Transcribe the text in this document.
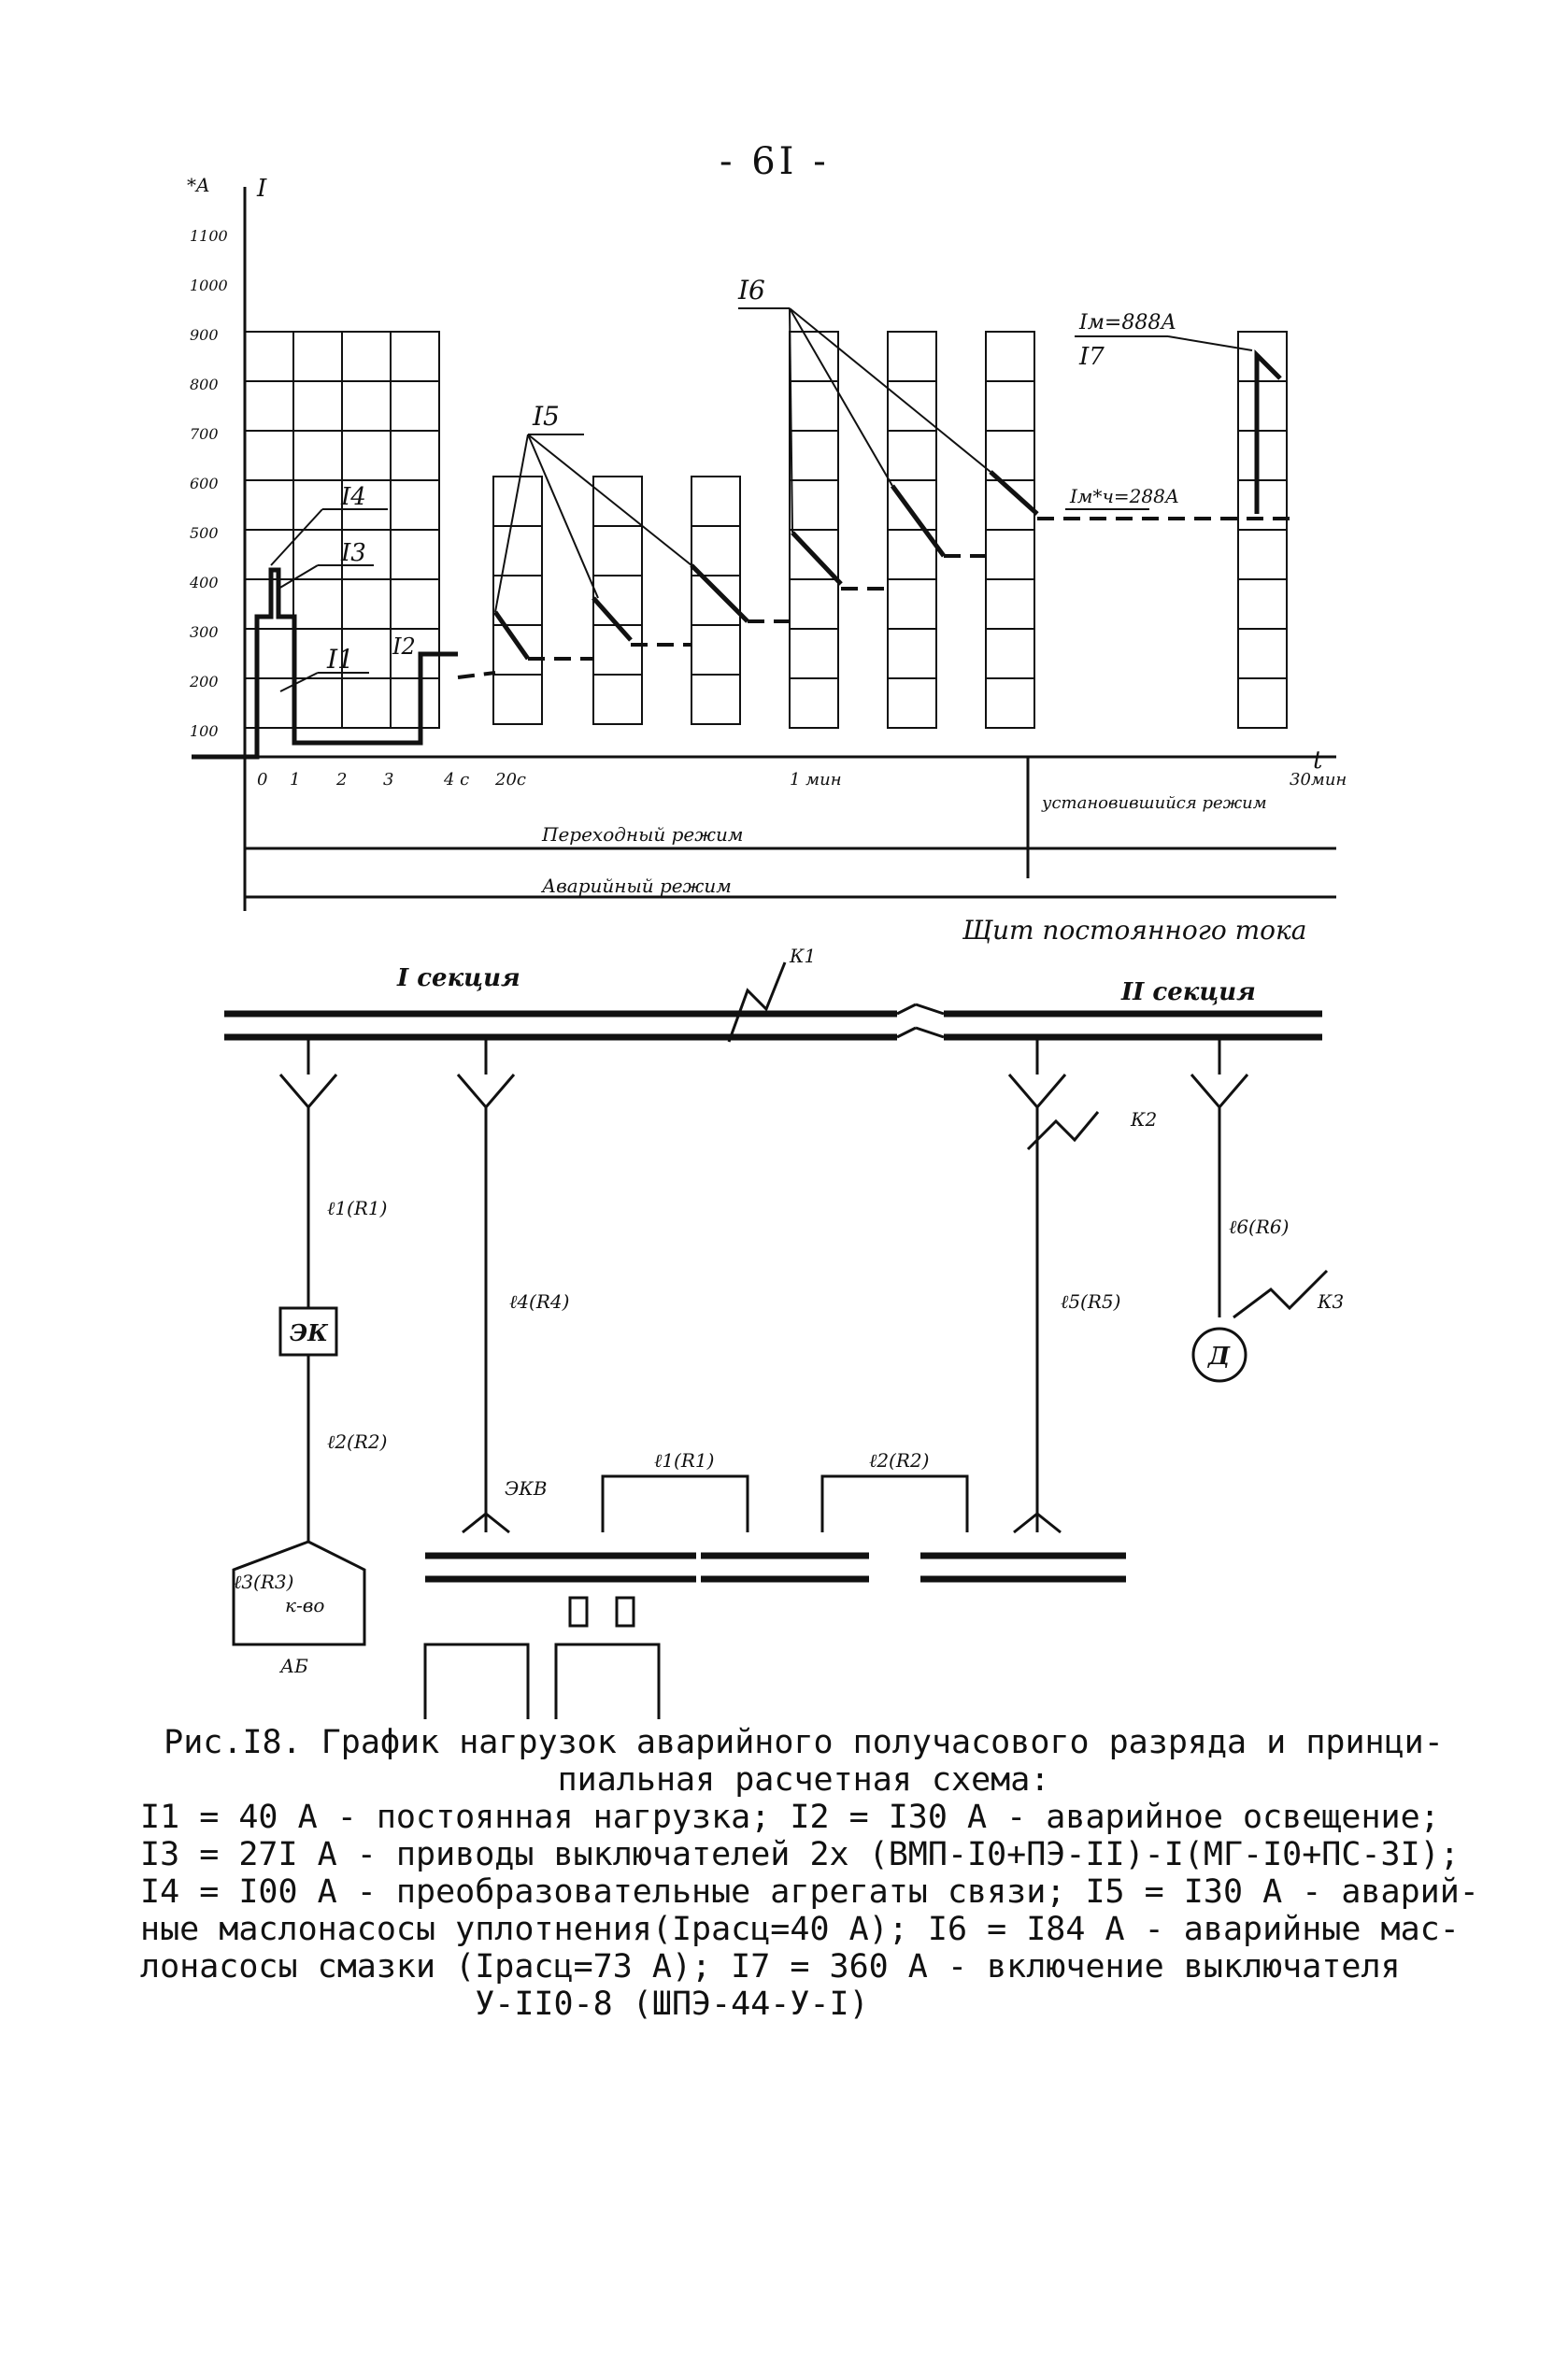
- 6I -
*A I
t
1100
1000
900
800
700
600
500
400
300
200
100
0 1 2 3	4 с 20с	1 мин	30мин
I1 I2
I3
I4
I5
I6
Iм=888А
I7
Iм*ч=288А
установившийся режим
Переходный режим
Аварийный режим
Щит постоянного тока
I секция	II секция
К1
К2
К3
ℓ1(R1)
ℓ2(R2)
ℓ3(R3)
ℓ4(R4)	ℓ5(R5)
ℓ6(R6)
ℓ1(R1)	ℓ2(R2)
ЭК
Д
АБ
к-во
ЭКВ

Рис.I8. График нагрузок аварийного получасового разряда и принци-
пиальная расчетная схема:

I1 = 40 А - постоянная нагрузка; I2 = I30 А - аварийное освещение;

I3 = 27I А - приводы выключателей 2х (ВМП-I0+ПЭ-II)-I(МГ-I0+ПС-3I);

I4 = I00 А - преобразовательные агрегаты связи; I5 = I30 А - аварий-

ные маслонасосы уплотнения(Iрасц=40 А); I6 = I84 А - аварийные мас-

лонасосы смазки (Iрасц=73 А); I7 = 360 А - включение выключателя

У-II0-8 (ШПЭ-44-У-I)
